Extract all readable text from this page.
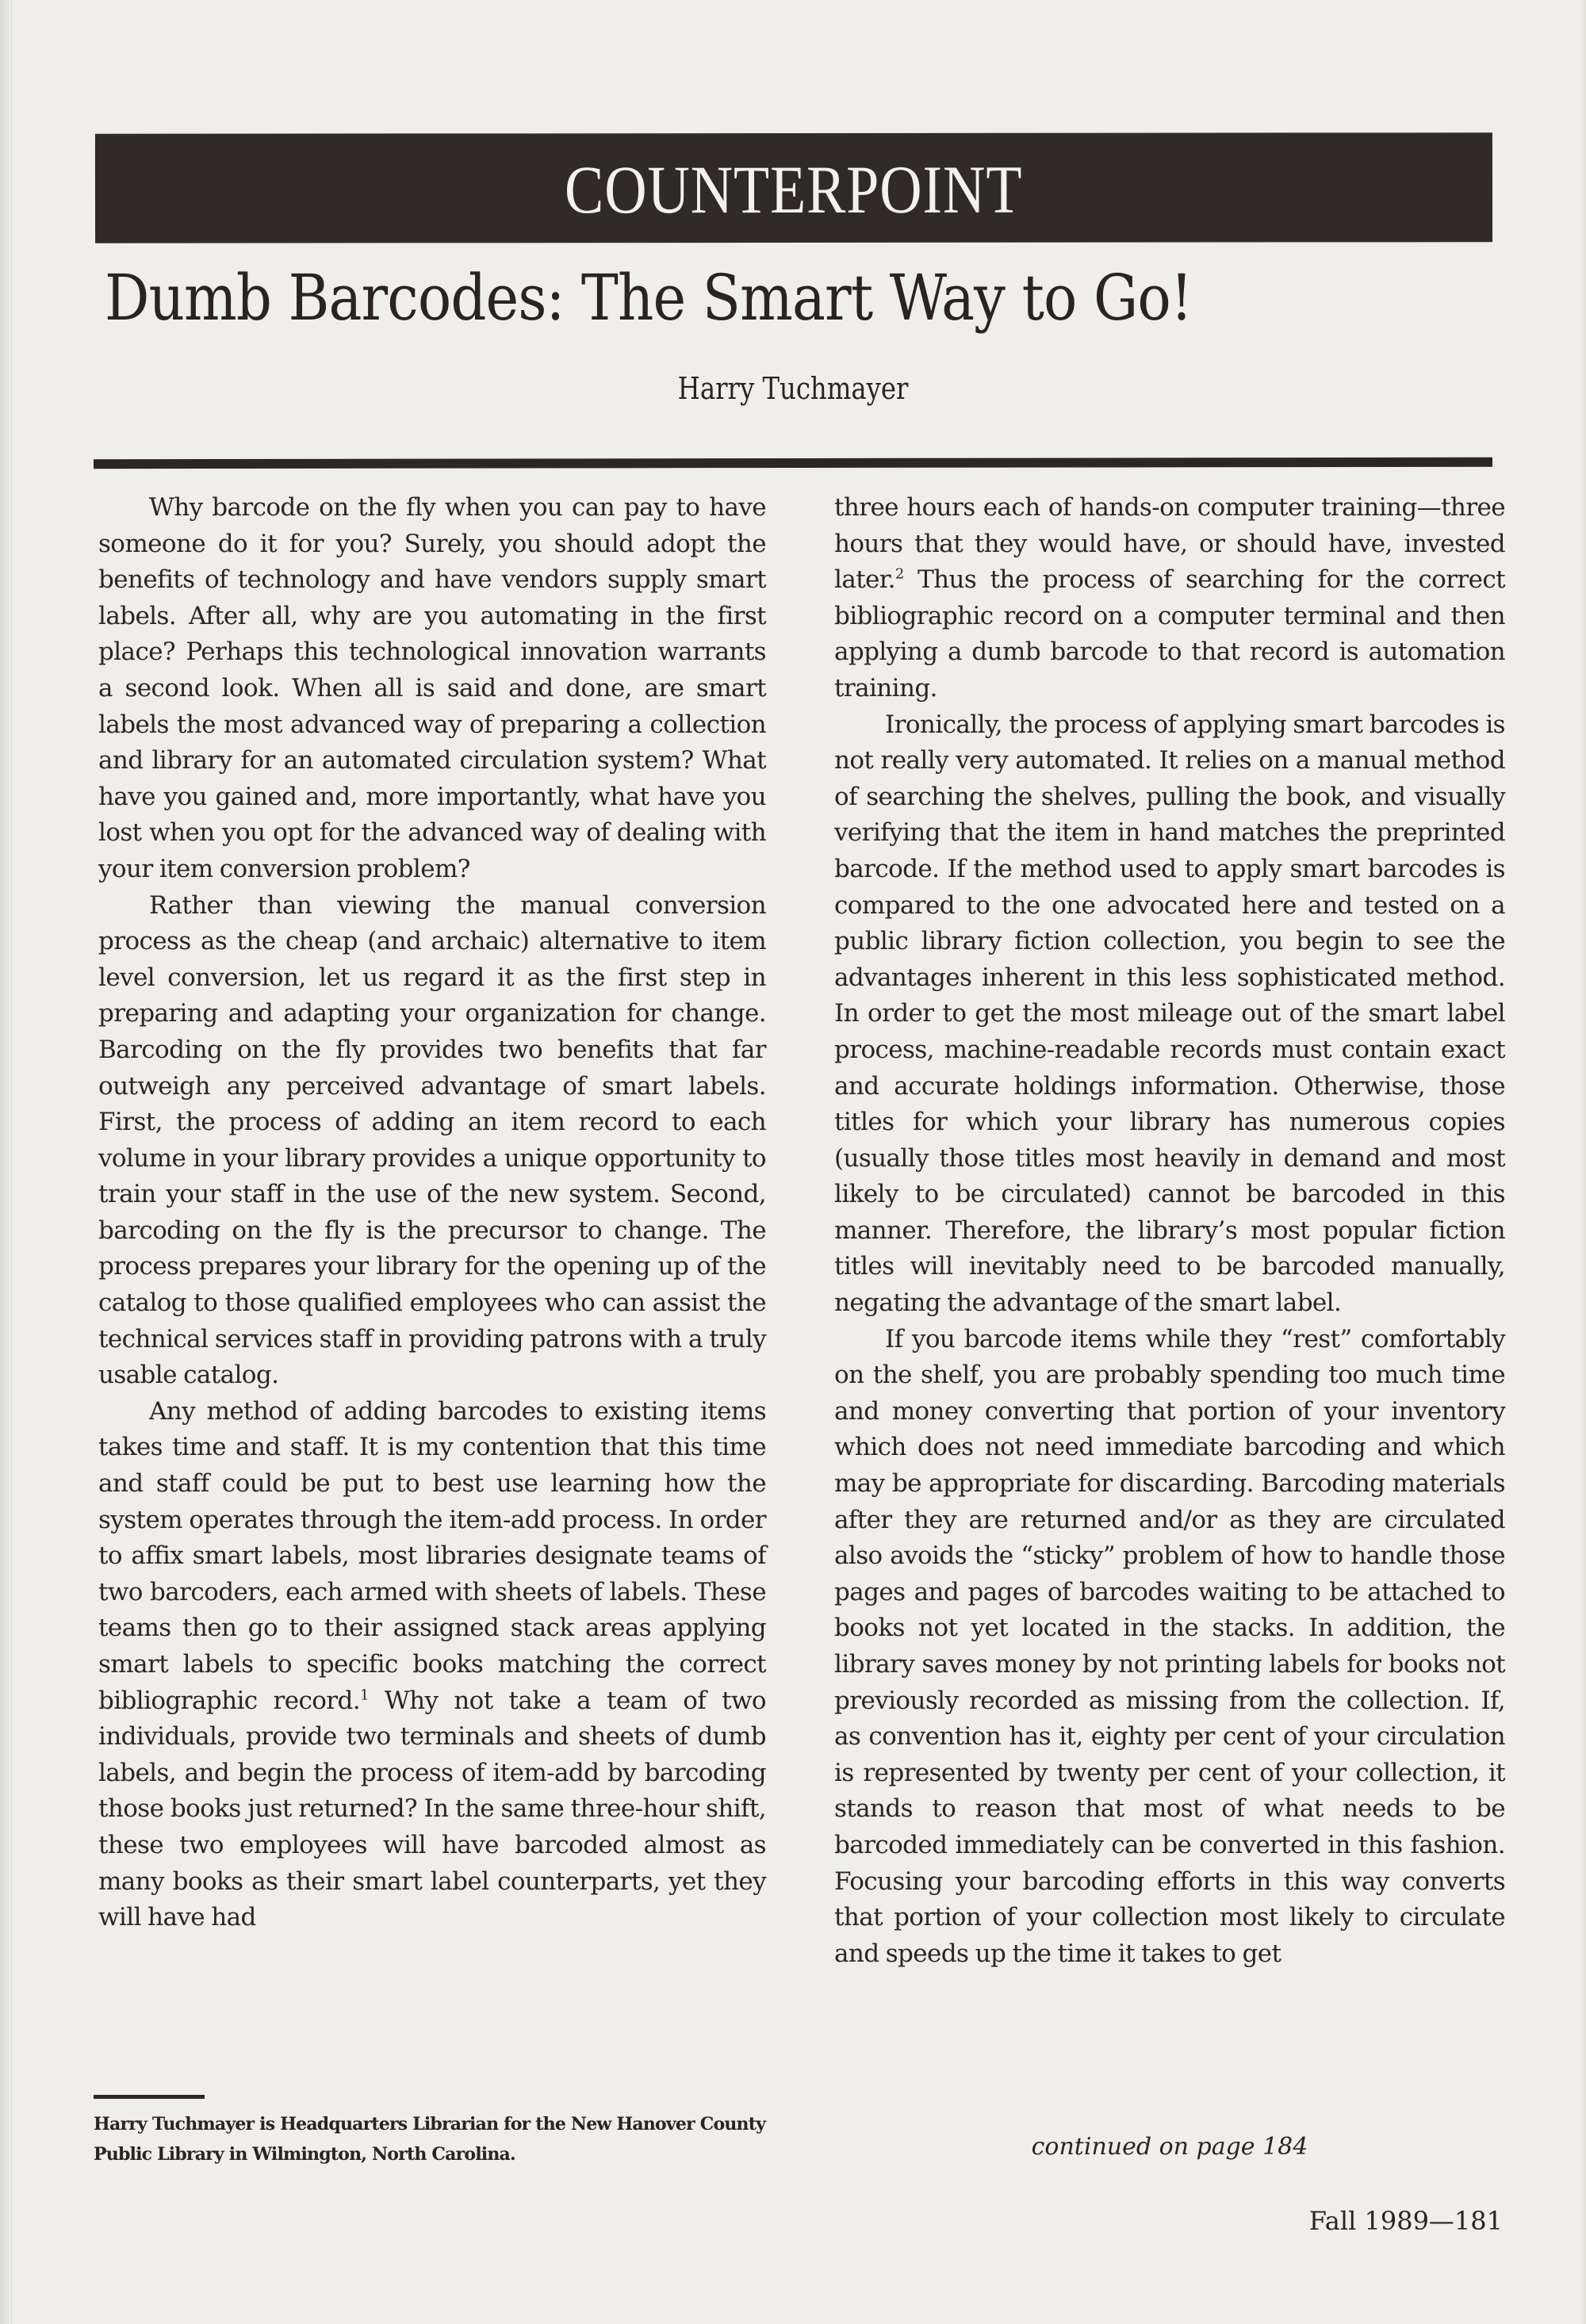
COUNTERPOINT
Dumb Barcodes: The Smart Way to Go!
Harry Tuchmayer

Why barcode on the fly when you can pay to have someone do it for you? Surely, you should adopt the benefits of technology and have vendors supply smart labels. After all, why are you automating in the first place? Perhaps this technological innovation warrants a second look. When all is said and done, are smart labels the most advanced way of preparing a collection and library for an automated circulation system? What have you gained and, more importantly, what have you lost when you opt for the advanced way of dealing with your item conversion problem?

Rather than viewing the manual conversion process as the cheap (and archaic) alternative to item level conversion, let us regard it as the first step in preparing and adapting your organization for change. Barcoding on the fly provides two benefits that far outweigh any perceived advantage of smart labels. First, the process of adding an item record to each volume in your library provides a unique opportunity to train your staff in the use of the new system. Second, barcoding on the fly is the precursor to change. The process prepares your library for the opening up of the catalog to those qualified employees who can assist the technical services staff in providing patrons with a truly usable catalog.

Any method of adding barcodes to existing items takes time and staff. It is my contention that this time and staff could be put to best use learning how the system operates through the item-add process. In order to affix smart labels, most libraries designate teams of two barcoders, each armed with sheets of labels. These teams then go to their assigned stack areas applying smart labels to specific books matching the correct bibliographic record.$^1$ Why not take a team of two individuals, provide two terminals and sheets of dumb labels, and begin the process of item-add by barcoding those books just returned? In the same three-hour shift, these two employees will have barcoded almost as many books as their smart label counterparts, yet they will have had

three hours each of hands-on computer training—three hours that they would have, or should have, invested later.$^2$ Thus the process of searching for the correct bibliographic record on a computer terminal and then applying a dumb barcode to that record is automation training.

Ironically, the process of applying smart barcodes is not really very automated. It relies on a manual method of searching the shelves, pulling the book, and visually verifying that the item in hand matches the preprinted barcode. If the method used to apply smart barcodes is compared to the one advocated here and tested on a public library fiction collection, you begin to see the advantages inherent in this less sophisticated method. In order to get the most mileage out of the smart label process, machine-readable records must contain exact and accurate holdings information. Otherwise, those titles for which your library has numerous copies (usually those titles most heavily in demand and most likely to be circulated) cannot be barcoded in this manner. Therefore, the library’s most popular fiction titles will inevitably need to be barcoded manually, negating the advantage of the smart label.

If you barcode items while they “rest” comfortably on the shelf, you are probably spending too much time and money converting that portion of your inventory which does not need immediate barcoding and which may be appropriate for discarding. Barcoding materials after they are returned and/or as they are circulated also avoids the “sticky” problem of how to handle those pages and pages of barcodes waiting to be attached to books not yet located in the stacks. In addition, the library saves money by not printing labels for books not previously recorded as missing from the collection. If, as convention has it, eighty per cent of your circulation is represented by twenty per cent of your collection, it stands to reason that most of what needs to be barcoded immediately can be converted in this fashion. Focusing your barcoding efforts in this way converts that portion of your collection most likely to circulate and speeds up the time it takes to get

Harry Tuchmayer is Headquarters Librarian for the New Hanover County Public Library in Wilmington, North Carolina.	continued on page 184
Fall 1989—181
